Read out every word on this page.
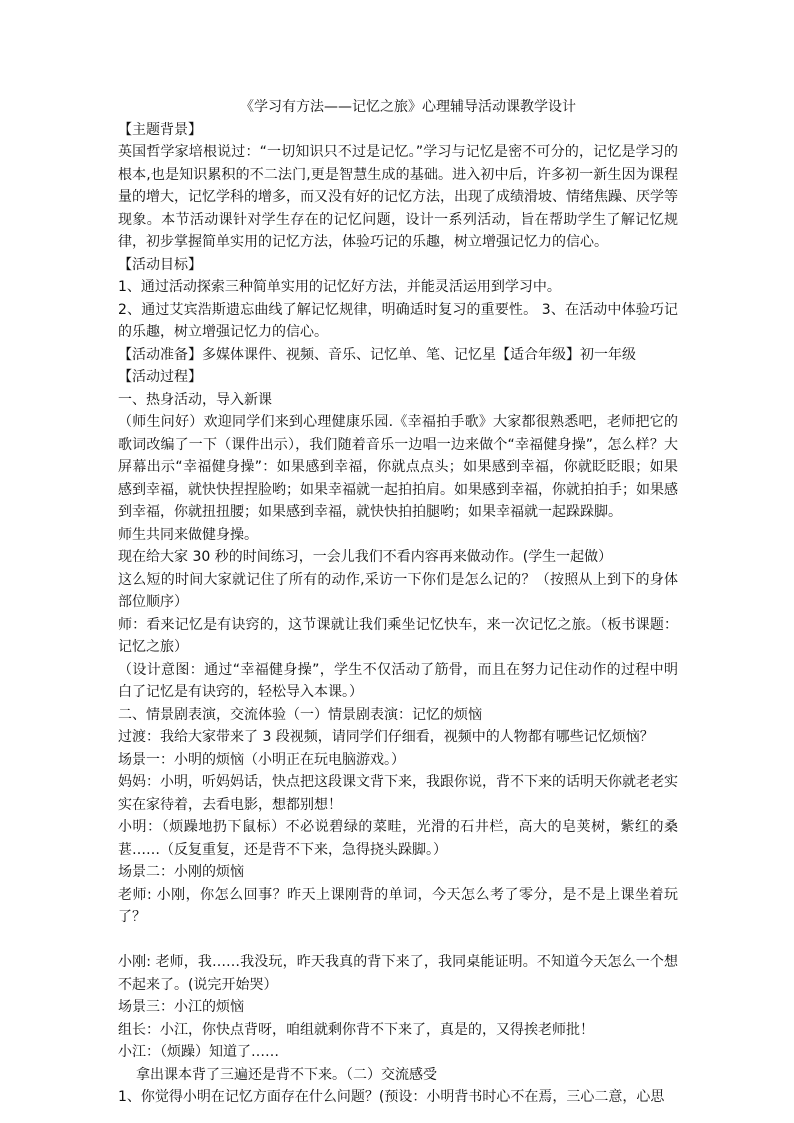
《学习有方法——记忆之旅》心理辅导活动课教学设计

【主题背景】

英国哲学家培根说过：“一切知识只不过是记忆。”学习与记忆是密不可分的，记忆是学习的根本,也是知识累积的不二法门,更是智慧生成的基础。进入初中后，许多初一新生因为课程量的增大，记忆学科的增多，而又没有好的记忆方法，出现了成绩滑坡、情绪焦躁、厌学等现象。本节活动课针对学生存在的记忆问题，设计一系列活动，旨在帮助学生了解记忆规律，初步掌握简单实用的记忆方法，体验巧记的乐趣，树立增强记忆力的信心。

【活动目标】

1、通过活动探索三种简单实用的记忆好方法，并能灵活运用到学习中。

2、通过艾宾浩斯遗忘曲线了解记忆规律，明确适时复习的重要性。 3、在活动中体验巧记的乐趣，树立增强记忆力的信心。

【活动准备】多媒体课件、视频、音乐、记忆单、笔、记忆星【适合年级】初一年级

【活动过程】

一、热身活动，导入新课

（师生问好）欢迎同学们来到心理健康乐园.《幸福拍手歌》大家都很熟悉吧，老师把它的歌词改编了一下（课件出示），我们随着音乐一边唱一边来做个“幸福健身操”，怎么样？大屏幕出示“幸福健身操”：如果感到幸福，你就点点头；如果感到幸福，你就眨眨眼；如果感到幸福，就快快捏捏脸哟；如果幸福就一起拍拍肩。如果感到幸福，你就拍拍手；如果感到幸福，你就扭扭腰；如果感到幸福，就快快拍拍腿哟；如果幸福就一起跺跺脚。

师生共同来做健身操。

现在给大家 30 秒的时间练习，一会儿我们不看内容再来做动作。(学生一起做）

这么短的时间大家就记住了所有的动作,采访一下你们是怎么记的？（按照从上到下的身体部位顺序）

师：看来记忆是有诀窍的，这节课就让我们乘坐记忆快车，来一次记忆之旅。（板书课题：记忆之旅）

（设计意图：通过“幸福健身操”，学生不仅活动了筋骨，而且在努力记住动作的过程中明白了记忆是有诀窍的，轻松导入本课。）

二、情景剧表演，交流体验（一）情景剧表演：记忆的烦恼

过渡：我给大家带来了 3 段视频，请同学们仔细看，视频中的人物都有哪些记忆烦恼？

场景一：小明的烦恼（小明正在玩电脑游戏。）

妈妈：小明，听妈妈话，快点把这段课文背下来，我跟你说，背不下来的话明天你就老老实实在家待着，去看电影，想都别想！

小明：（烦躁地扔下鼠标）不必说碧绿的菜畦，光滑的石井栏，高大的皂荚树，紫红的桑葚……（反复重复，还是背不下来，急得挠头跺脚。）

场景二：小刚的烦恼

老师: 小刚，你怎么回事？昨天上课刚背的单词，今天怎么考了零分，是不是上课坐着玩了？

小刚: 老师，我……我没玩，昨天我真的背下来了，我同桌能证明。不知道今天怎么一个想不起来了。(说完开始哭）

场景三：小江的烦恼

组长：小江，你快点背呀，咱组就剩你背不下来了，真是的，又得挨老师批！

小江：（烦躁）知道了……

拿出课本背了三遍还是背不下来。（二）交流感受

1、你觉得小明在记忆方面存在什么问题？(预设：小明背书时心不在焉，三心二意，心思
